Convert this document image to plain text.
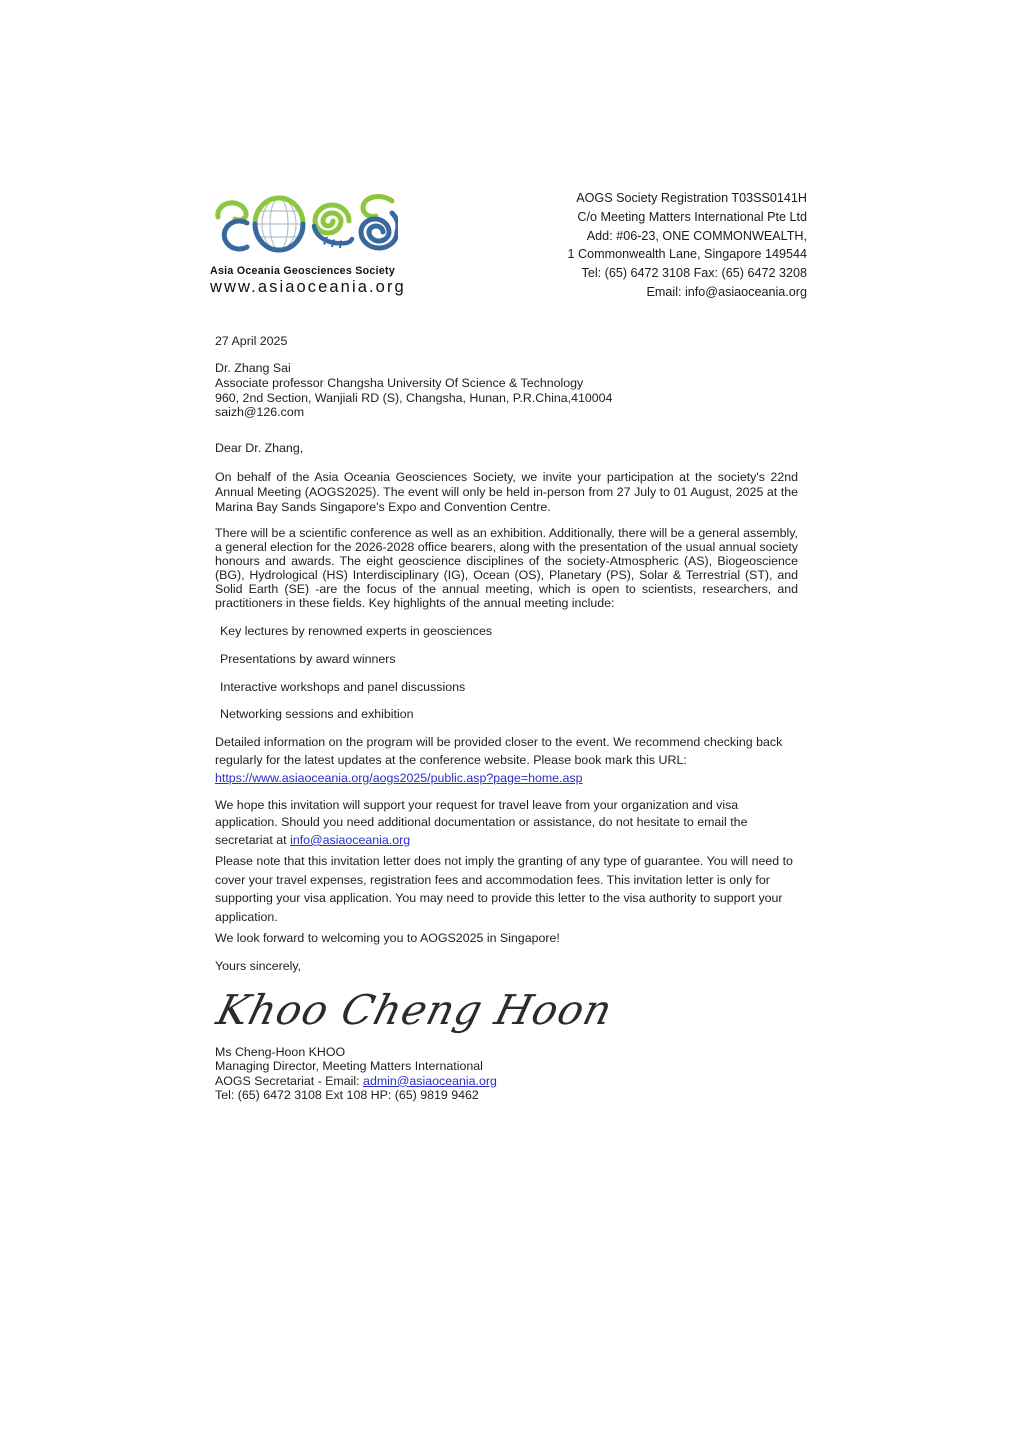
Asia Oceania Geosciences Society
www.asiaoceania.org
AOGS Society Registration T03SS0141H
C/o Meeting Matters International Pte Ltd
Add: #06-23, ONE COMMONWEALTH,
1 Commonwealth Lane, Singapore 149544
Tel: (65) 6472 3108 Fax: (65) 6472 3208
Email: info@asiaoceania.org
27 April 2025
Dr. Zhang Sai
Associate professor Changsha University Of Science & Technology
960, 2nd Section, Wanjiali RD (S), Changsha, Hunan, P.R.China,410004
saizh@126.com
Dear Dr. Zhang,
On behalf of the Asia Oceania Geosciences Society, we invite your participation at the society's 22nd Annual Meeting (AOGS2025). The event will only be held in-person from 27 July to 01 August, 2025 at the Marina Bay Sands Singapore's Expo and Convention Centre.
There will be a scientific conference as well as an exhibition. Additionally, there will be a general assembly, a general election for the 2026-2028 office bearers, along with the presentation of the usual annual society honours and awards. The eight geoscience disciplines of the society-Atmospheric (AS), Biogeoscience (BG), Hydrological (HS) Interdisciplinary (IG), Ocean (OS), Planetary (PS), Solar & Terrestrial (ST), and Solid Earth (SE) -are the focus of the annual meeting, which is open to scientists, researchers, and practitioners in these fields. Key highlights of the annual meeting include:
Key lectures by renowned experts in geosciences
Presentations by award winners
Interactive workshops and panel discussions
Networking sessions and exhibition
Detailed information on the program will be provided closer to the event. We recommend checking back regularly for the latest updates at the conference website. Please book mark this URL:
https://www.asiaoceania.org/aogs2025/public.asp?page=home.asp
We hope this invitation will support your request for travel leave from your organization and visa application. Should you need additional documentation or assistance, do not hesitate to email the secretariat at info@asiaoceania.org
Please note that this invitation letter does not imply the granting of any type of guarantee. You will need to cover your travel expenses, registration fees and accommodation fees. This invitation letter is only for supporting your visa application. You may need to provide this letter to the visa authority to support your application.
We look forward to welcoming you to AOGS2025 in Singapore!
Yours sincerely,
Khoo Cheng Hoon
Ms Cheng-Hoon KHOO
Managing Director, Meeting Matters International
AOGS Secretariat - Email: admin@asiaoceania.org
Tel: (65) 6472 3108 Ext 108 HP: (65) 9819 9462
